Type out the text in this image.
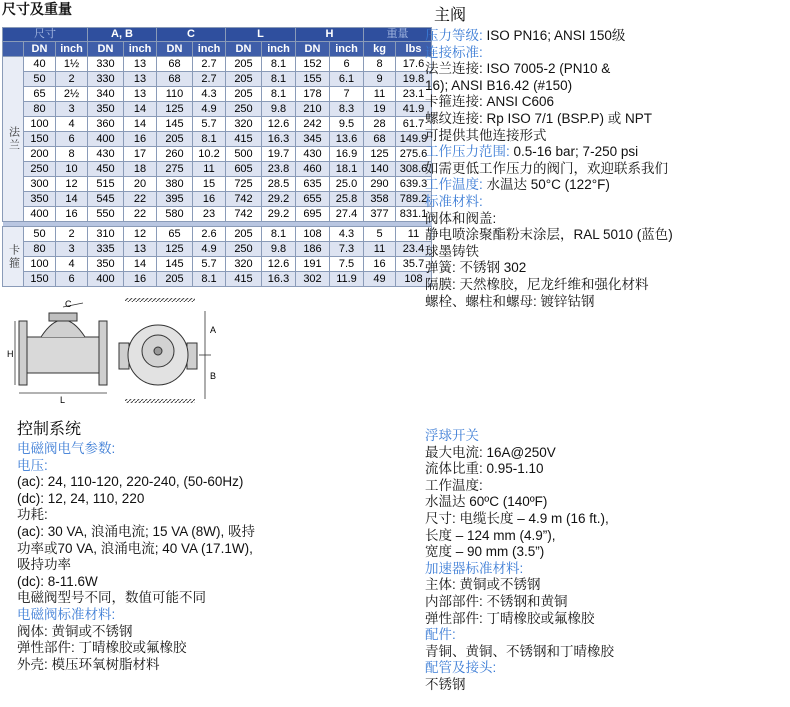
尺寸及重量
尺寸			A, B		C		L		H		重量	
	DN	inch	DN	inch	DN	inch	DN	inch	DN	inch	kg	lbs
法兰	40	1½	330	13	68	2.7	205	8.1	152	6	8	17.6
	50	2	330	13	68	2.7	205	8.1	155	6.1	9	19.8
	65	2½	340	13	110	4.3	205	8.1	178	7	11	23.1
	80	3	350	14	125	4.9	250	9.8	210	8.3	19	41.9
	100	4	360	14	145	5.7	320	12.6	242	9.5	28	61.7
	150	6	400	16	205	8.1	415	16.3	345	13.6	68	149.9
	200	8	430	17	260	10.2	500	19.7	430	16.9	125	275.6
	250	10	450	18	275	11	605	23.8	460	18.1	140	308.6
	300	12	515	20	380	15	725	28.5	635	25.0	290	639.3
	350	14	545	22	395	16	742	29.2	655	25.8	358	789.2
	400	16	550	22	580	23	742	29.2	695	27.4	377	831.1

卡箍	50	2	310	12	65	2.6	205	8.1	108	4.3	5	11
	80	3	335	13	125	4.9	250	9.8	186	7.3	11	23.4
	100	4	350	14	145	5.7	320	12.6	191	7.5	16	35.7
	150	6	400	16	205	8.1	415	16.3	302	11.9	49	108
C
H
L
A
B
主阀
压力等级: ISO PN16; ANSI 150级
连接标准:
法兰连接: ISO 7005-2 (PN10 &
16); ANSI B16.42 (#150)
卡箍连接: ANSI C606
螺纹连接: Rp ISO 7/1 (BSP.P) 或 NPT
可提供其他连接形式
工作压力范围: 0.5-16 bar; 7-250 psi
如需更低工作压力的阀门，欢迎联系我们
工作温度: 水温达 50°C (122°F)
标准材料:
阀体和阀盖:
静电喷涂聚酯粉末涂层，RAL 5010 (蓝色)
球墨铸铁
弹簧: 不锈钢 302
隔膜: 天然橡胶，尼龙纤维和强化材料
螺栓、螺柱和螺母: 镀锌钴钢
控制系统
电磁阀电气参数:
电压:
(ac): 24, 110-120, 220-240, (50-60Hz)
(dc): 12, 24, 110, 220
功耗:
(ac): 30 VA, 浪涌电流; 15 VA (8W), 吸持
功率或70 VA, 浪涌电流; 40 VA (17.1W),
吸持功率
(dc): 8-11.6W
电磁阀型号不同，数值可能不同
电磁阀标准材料:
阀体: 黄铜或不锈钢
弹性部件: 丁晴橡胶或氟橡胶
外壳: 模压环氧树脂材料
浮球开关
最大电流: 16A@250V
流体比重: 0.95-1.10
工作温度:
水温达 60ºC (140ºF)
尺寸: 电缆长度 – 4.9 m (16 ft.),
长度 – 124 mm (4.9”),
宽度 – 90 mm (3.5”)
加速器标准材料:
主体: 黄铜或不锈钢
内部部件: 不锈钢和黄铜
弹性部件: 丁晴橡胶或氟橡胶
配件:
青铜、黄铜、不锈钢和丁晴橡胶
配管及接头:
不锈钢
